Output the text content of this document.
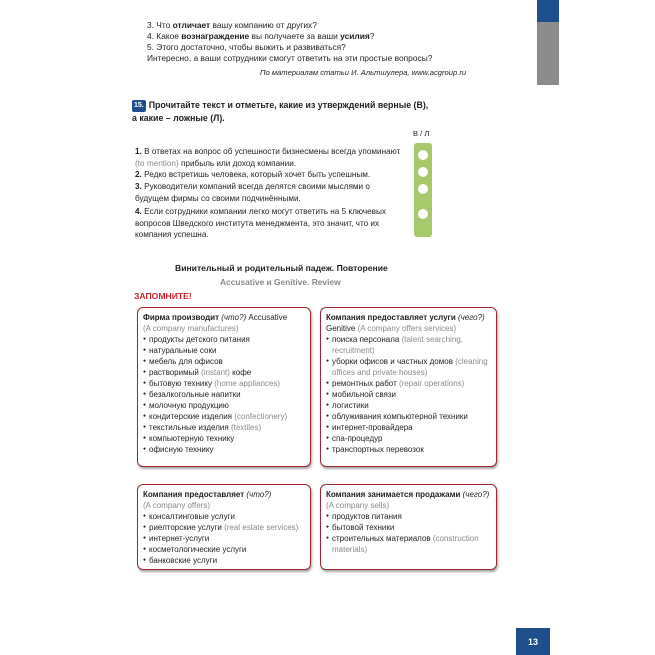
3. Что отличает вашу компанию от других?
4. Какое вознаграждение вы получаете за ваши усилия?
5. Этого достаточно, чтобы выжить и развиваться?
Интересно, а ваши сотрудники смогут ответить на эти простые вопросы?
По материалам статьи И. Альтшулера, www.acgroup.ru
15. Прочитайте текст и отметьте, какие из утверждений верные (В),
а какие – ложные (Л).
В / Л
1. В ответах на вопрос об успешности бизнесмены всегда упоминают
(to mention) прибыль или доход компании.
2. Редко встретишь человека, который хочет быть успешным.
3. Руководители компаний всегда делятся своими мыслями о будущем фирмы со своими подчинёнными.
4. Если сотрудники компании легко могут ответить на 5 ключевых вопросов Шведского института менеджмента, это значит, что их компания успешна.
Винительный и родительный падеж. Повторение
Accusative и Genitive. Review
ЗАПОМНИТЕ!
Фирма производит (что?) Accusative
(A company manufactures)
● продукты детского питания
● натуральные соки
● мебель для офисов
● растворимый (instant) кофе
● бытовую технику (home appliances)
● безалкогольные напитки
● молочную продукцию
● кондитерские изделия (confectionery)
● текстильные изделия (textiles)
● компьютерную технику
● офисную технику
Компания предоставляет услуги (чего?)
Genitive (A company offers services)
● поиска персонала (talent searching, recruitment)
● уборки офисов и частных домов (cleaning offices and private houses)
● ремонтных работ (repair operations)
● мобильной связи
● логистики
● облуживания компьютерной техники
● интернет-провайдера
● спа-процедур
● транспортных перевозок
Компания предоставляет (что?)
(A company offers)
● консалтинговые услуги
● риелторские услуги (real estate services)
● интернет-услуги
● косметологические услуги
● банковские услуги
Компания занимается продажами (чего?)
(A company sells)
● продуктов питания
● бытовой техники
● строительных материалов (construction materials)
13
